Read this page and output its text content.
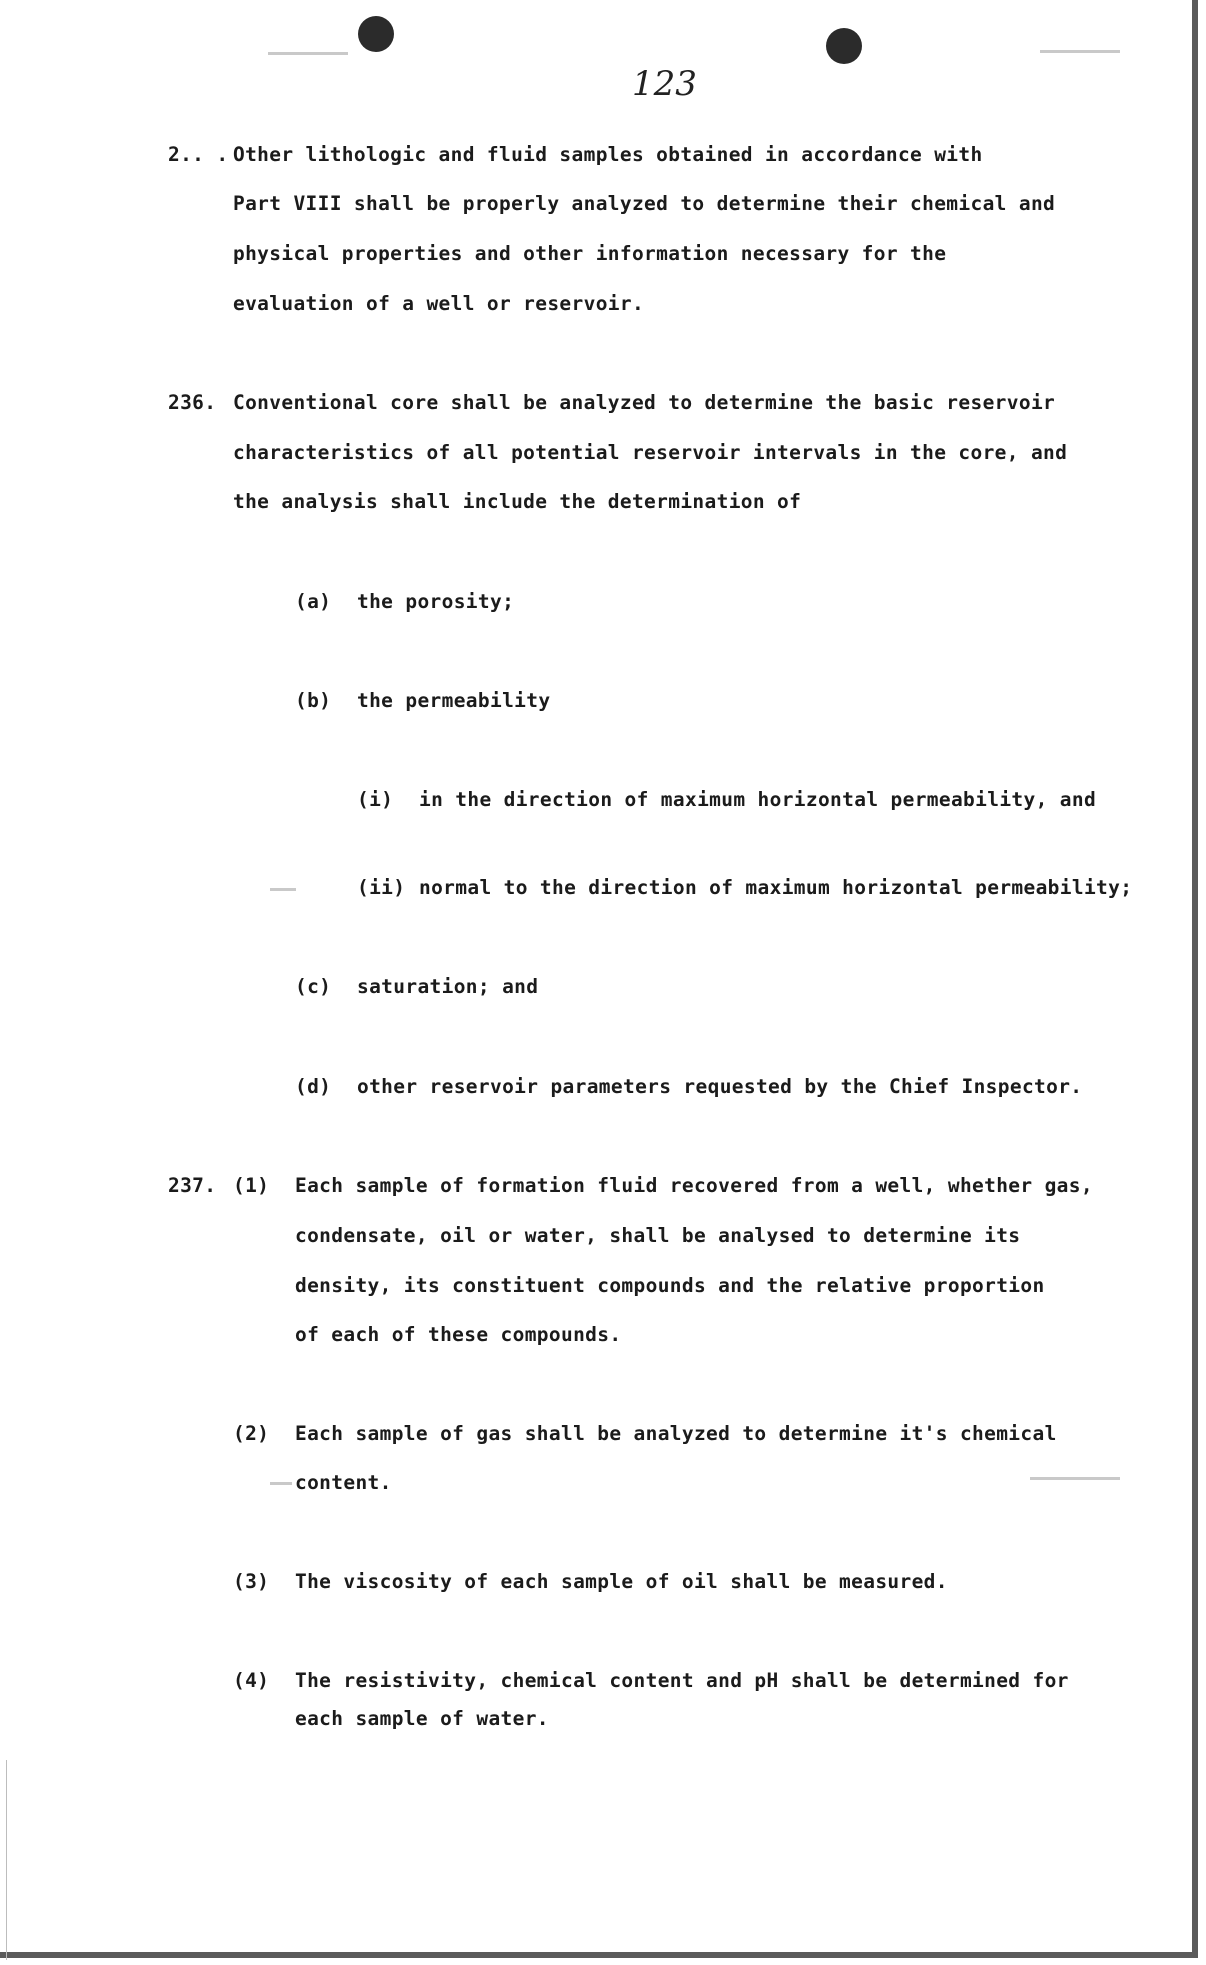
123

2.. . Other lithologic and fluid samples obtained in accordance with

Part VIII shall be properly analyzed to determine their chemical and

physical properties and other information necessary for the

evaluation of a well or reservoir.

236. Conventional core shall be analyzed to determine the basic reservoir

characteristics of all potential reservoir intervals in the core, and

the analysis shall include the determination of

(a) the porosity;

(b) the permeability

(i) in the direction of maximum horizontal permeability, and

(ii) normal to the direction of maximum horizontal permeability;

(c) saturation; and

(d) other reservoir parameters requested by the Chief Inspector.

237. (1) Each sample of formation fluid recovered from a well, whether gas,

condensate, oil or water, shall be analysed to determine its

density, its constituent compounds and the relative proportion

of each of these compounds.

(2) Each sample of gas shall be analyzed to determine it's chemical

content.

(3) The viscosity of each sample of oil shall be measured.

(4) The resistivity, chemical content and pH shall be determined for

each sample of water.
